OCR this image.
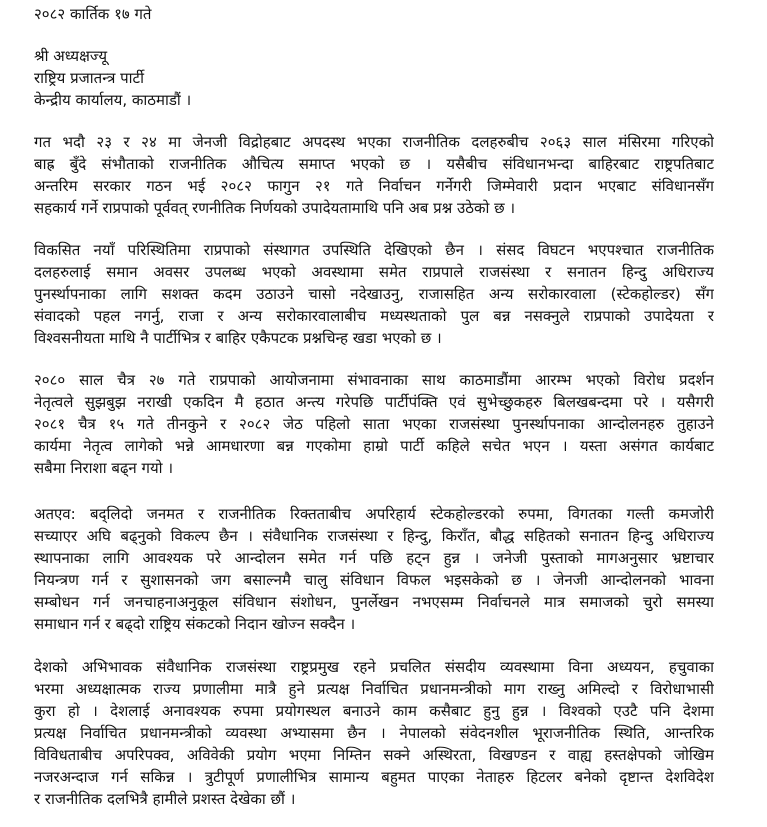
२०८२ कार्तिक १७ गते
श्री अध्यक्षज्यू
राष्ट्रिय प्रजातन्त्र पार्टी
केन्द्रीय कार्यालय, काठमाडौं ।
गत भदौ २३ र २४ मा जेनजी विद्रोहबाट अपदस्थ भएका राजनीतिक दलहरुबीच २०६३ साल मंसिरमा गरिएको
बाह्र बुँदे संभौताको राजनीतिक औचित्य समाप्त भएको छ । यसैबीच संविधानभन्दा बाहिरबाट राष्ट्रपतिबाट
अन्तरिम सरकार गठन भई २०८२ फागुन २१ गते निर्वाचन गर्नेगरी जिम्मेवारी प्रदान भएबाट संविधानसँग
सहकार्य गर्ने राप्रपाको पूर्ववत् रणनीतिक निर्णयको उपादेयतामाथि पनि अब प्रश्न उठेको छ ।
विकसित नयाँ परिस्थितिमा राप्रपाको संस्थागत उपस्थिति देखिएको छैन । संसद विघटन भएपश्चात राजनीतिक
दलहरुलाई समान अवसर उपलब्ध भएको अवस्थामा समेत राप्रपाले राजसंस्था र सनातन हिन्दु अधिराज्य
पुनर्स्थापनाका लागि सशक्त कदम उठाउने चासो नदेखाउनु, राजासहित अन्य सरोकारवाला (स्टेकहोल्डर) सँग
संवादको पहल नगर्नु, राजा र अन्य सरोकारवालाबीच मध्यस्थताको पुल बन्न नसक्नुले राप्रपाको उपादेयता र
विश्वसनीयता माथि नै पार्टीभित्र र बाहिर एकैपटक प्रश्नचिन्ह खडा भएको छ ।
२०८० साल चैत्र २७ गते राप्रपाको आयोजनामा संभावनाका साथ काठमाडौंमा आरम्भ भएको विरोध प्रदर्शन
नेतृत्वले सुझबुझ नराखी एकदिन मै हठात अन्त्य गरेपछि पार्टीपंक्ति एवं सुभेच्छुकहरु बिलखबन्दमा परे । यसैगरी
२०८१ चैत्र १५ गते तीनकुने र २०८२ जेठ पहिलो साता भएका राजसंस्था पुनर्स्थापनाका आन्दोलनहरु तुहाउने
कार्यमा नेतृत्व लागेको भन्ने आमधारणा बन्न गएकोमा हाम्रो पार्टी कहिले सचेत भएन । यस्ता असंगत कार्यबाट
सबैमा निराशा बढ्न गयो ।
अतएव: बद्लिदो जनमत र राजनीतिक रिक्तताबीच अपरिहार्य स्टेकहोल्डरको रुपमा, विगतका गल्ती कमजोरी
सच्याएर अघि बढ्नुको विकल्प छैन । संवैधानिक राजसंस्था र हिन्दु, किराँत, बौद्ध सहितको सनातन हिन्दु अधिराज्य
स्थापनाका लागि आवश्यक परे आन्दोलन समेत गर्न पछि हट्न हुन्न । जनेजी पुस्ताको मागअनुसार भ्रष्टाचार
नियन्त्रण गर्न र सुशासनको जग बसाल्नमै चालु संविधान विफल भइसकेको छ । जेनजी आन्दोलनको भावना
सम्बोधन गर्न जनचाहनाअनुकूल संविधान संशोधन, पुनर्लेखन नभएसम्म निर्वाचनले मात्र समाजको चुरो समस्या
समाधान गर्न र बढ्दो राष्ट्रिय संकटको निदान खोज्न सक्दैन ।
देशको अभिभावक संवैधानिक राजसंस्था राष्ट्रप्रमुख रहने प्रचलित संसदीय व्यवस्थामा विना अध्ययन, हचुवाका
भरमा अध्यक्षात्मक राज्य प्रणालीमा मात्रै हुने प्रत्यक्ष निर्वाचित प्रधानमन्त्रीको माग राख्नु अमिल्दो र विरोधाभासी
कुरा हो । देशलाई अनावश्यक रुपमा प्रयोगस्थल बनाउने काम कसैबाट हुनु हुन्न । विश्वको एउटै पनि देशमा
प्रत्यक्ष निर्वाचित प्रधानमन्त्रीको व्यवस्था अभ्यासमा छैन । नेपालको संवेदनशील भूराजनीतिक स्थिति, आन्तरिक
विविधताबीच अपरिपक्व, अविवेकी प्रयोग भएमा निम्तिन सक्ने अस्थिरता, विखण्डन र वाह्य हस्तक्षेपको जोखिम
नजरअन्दाज गर्न सकिन्न । त्रुटीपूर्ण प्रणालीभित्र सामान्य बहुमत पाएका नेताहरु हिटलर बनेको दृष्टान्त देशविदेश
र राजनीतिक दलभित्रै हामीले प्रशस्त देखेका छौं ।
